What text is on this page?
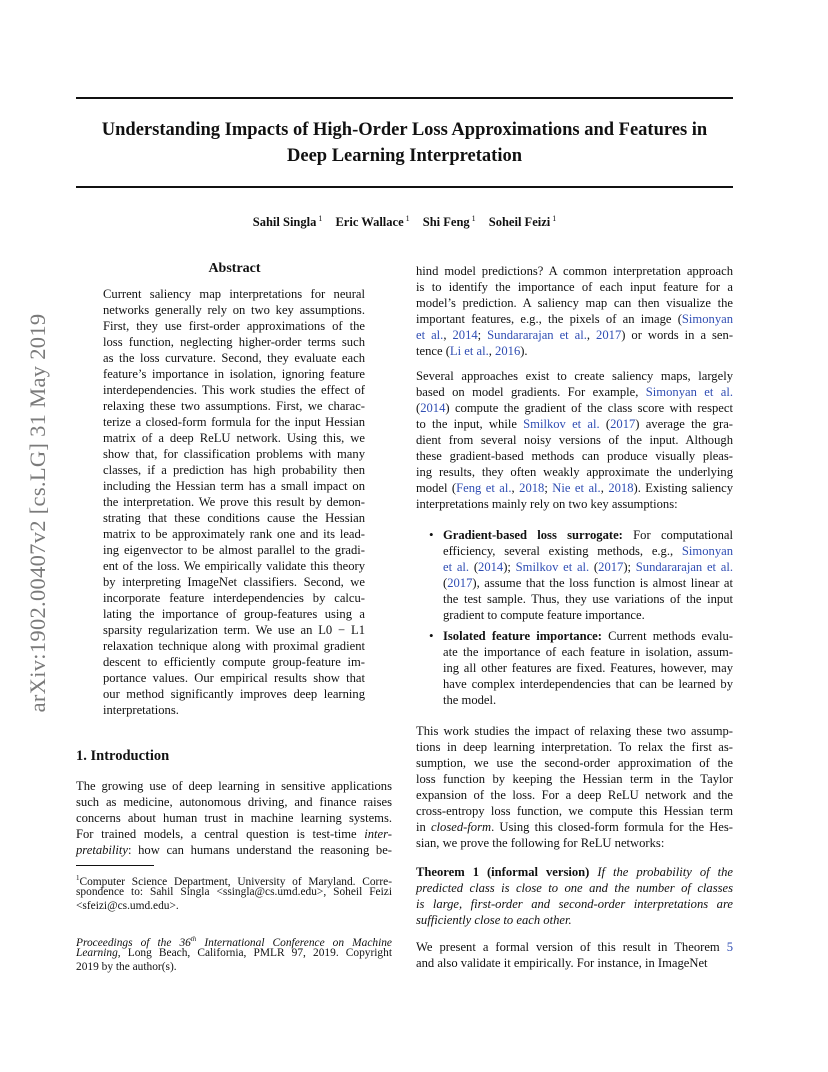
Understanding Impacts of High-Order Loss Approximations and Features in
Deep Learning Interpretation
Sahil Singla $^1$ Eric Wallace $^1$ Shi Feng $^1$ Soheil Feizi $^1$
arXiv:1902.00407v2 [cs.LG] 31 May 2019
Abstract
Current saliency map interpretations for neural
networks generally rely on two key assumptions.
First, they use first-order approximations of the
loss function, neglecting higher-order terms such
as the loss curvature. Second, they evaluate each
feature’s importance in isolation, ignoring feature
interdependencies. This work studies the effect of
relaxing these two assumptions. First, we charac-
terize a closed-form formula for the input Hessian
matrix of a deep ReLU network. Using this, we
show that, for classification problems with many
classes, if a prediction has high probability then
including the Hessian term has a small impact on
the interpretation. We prove this result by demon-
strating that these conditions cause the Hessian
matrix to be approximately rank one and its lead-
ing eigenvector to be almost parallel to the gradi-
ent of the loss. We empirically validate this theory
by interpreting ImageNet classifiers. Second, we
incorporate feature interdependencies by calcu-
lating the importance of group-features using a
sparsity regularization term. We use an L0 − L1
relaxation technique along with proximal gradient
descent to efficiently compute group-feature im-
portance values. Our empirical results show that
our method significantly improves deep learning
interpretations.
1. Introduction
The growing use of deep learning in sensitive applications
such as medicine, autonomous driving, and finance raises
concerns about human trust in machine learning systems.
For trained models, a central question is test-time inter-
pretability: how can humans understand the reasoning be-
$^1$Computer Science Department, University of Maryland. Corre-
spondence to: Sahil Singla <ssingla@cs.umd.edu>, Soheil Feizi
<sfeizi@cs.umd.edu>.
Proceedings of the 36th International Conference on Machine
Learning, Long Beach, California, PMLR 97, 2019. Copyright
2019 by the author(s).
hind model predictions? A common interpretation approach
is to identify the importance of each input feature for a
model’s prediction. A saliency map can then visualize the
important features, e.g., the pixels of an image (Simonyan
et al., 2014; Sundararajan et al., 2017) or words in a sen-
tence (Li et al., 2016).
Several approaches exist to create saliency maps, largely
based on model gradients. For example, Simonyan et al.
(2014) compute the gradient of the class score with respect
to the input, while Smilkov et al. (2017) average the gra-
dient from several noisy versions of the input. Although
these gradient-based methods can produce visually pleas-
ing results, they often weakly approximate the underlying
model (Feng et al., 2018; Nie et al., 2018). Existing saliency
interpretations mainly rely on two key assumptions:
• Gradient-based loss surrogate: For computational
efficiency, several existing methods, e.g., Simonyan
et al. (2014); Smilkov et al. (2017); Sundararajan et al.
(2017), assume that the loss function is almost linear at
the test sample. Thus, they use variations of the input
gradient to compute feature importance.
• Isolated feature importance: Current methods evalu-
ate the importance of each feature in isolation, assum-
ing all other features are fixed. Features, however, may
have complex interdependencies that can be learned by
the model.
This work studies the impact of relaxing these two assump-
tions in deep learning interpretation. To relax the first as-
sumption, we use the second-order approximation of the
loss function by keeping the Hessian term in the Taylor
expansion of the loss. For a deep ReLU network and the
cross-entropy loss function, we compute this Hessian term
in closed-form. Using this closed-form formula for the Hes-
sian, we prove the following for ReLU networks:
Theorem 1 (informal version) If the probability of the
predicted class is close to one and the number of classes
is large, first-order and second-order interpretations are
sufficiently close to each other.
We present a formal version of this result in Theorem 5
and also validate it empirically. For instance, in ImageNet
